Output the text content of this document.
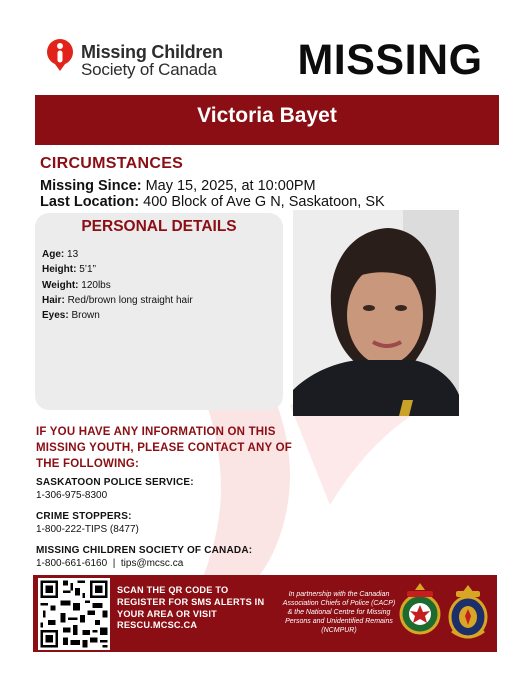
Missing Children
Society of Canada MISSING
Victoria Bayet
CIRCUMSTANCES
Missing Since: May 15, 2025, at 10:00PM
Last Location: 400 Block of Ave G N, Saskatoon, SK
PERSONAL DETAILS
Age: 13
Height: 5’1”
Weight: 120lbs
Hair: Red/brown long straight hair
Eyes: Brown
IF YOU HAVE ANY INFORMATION ON THIS MISSING YOUTH, PLEASE CONTACT ANY OF THE FOLLOWING:
SASKATOON POLICE SERVICE:
1-306-975-8300
CRIME STOPPERS:
1-800-222-TIPS (8477)
MISSING CHILDREN SOCIETY OF CANADA:
1-800-661-6160  |  tips@mcsc.ca
SCAN THE QR CODE TO REGISTER FOR SMS ALERTS IN YOUR AREA OR VISIT RESCU.MCSC.CA
In partnership with the Canadian Association Chiefs of Police (CACP) & the National Centre for Missing Persons and Unidentified Remains (NCMPUR)
